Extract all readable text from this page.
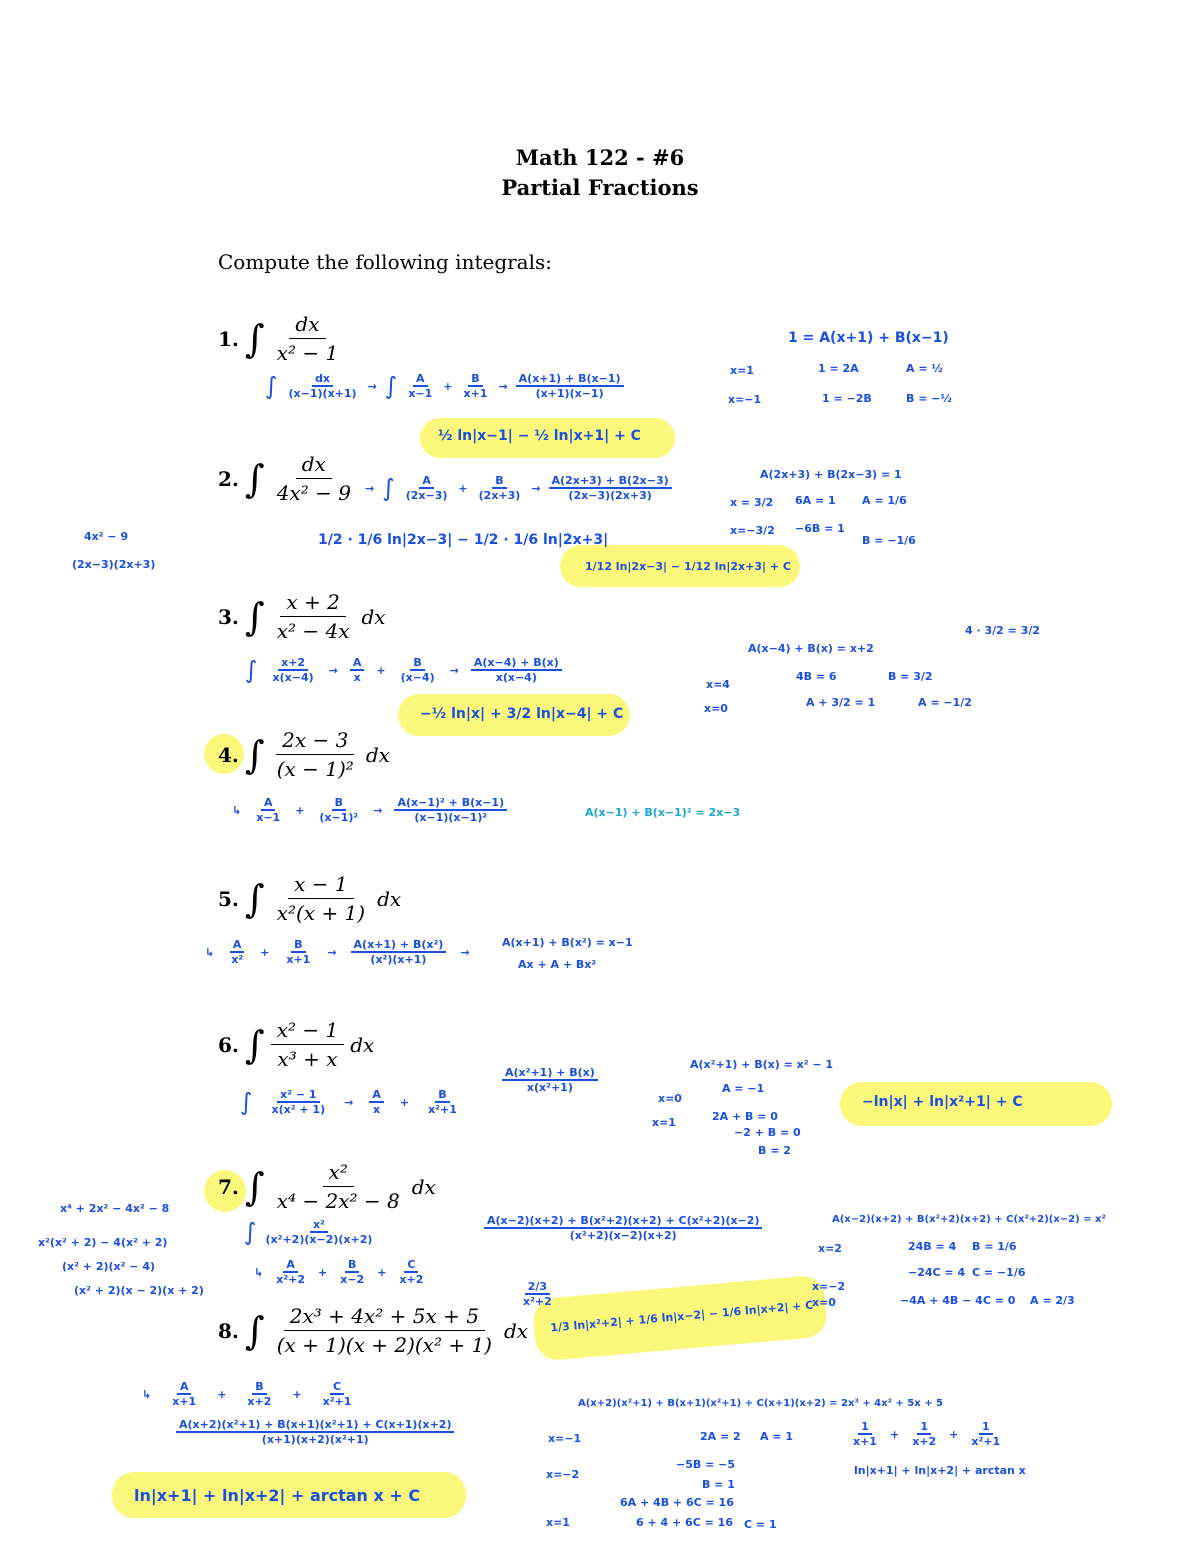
Math 122 - #6
Partial Fractions
Compute the following integrals:
1. ∫ $\frac{dx}{\text{x² − 1}}$
2. ∫ $\frac{dx}{\text{4x² − 9}}$
3. ∫ $\frac{x + 2}{\text{x² − 4x}}$ dx
4. ∫ $\frac{2x - 3}{\text{(x − 1)²}}$ dx
5. ∫ $\frac{x - 1}{\text{x²(x + 1)}}$ dx
6. ∫ $\frac{\text{x² − 1}}{\text{x³ + x}}$ dx
7. ∫ $\frac{\text{x²}}{\text{x⁴ − 2x² − 8}}$ dx
8. ∫ $\frac{\text{2x³ + 4x² + 5x + 5}}{\text{(x + 1)(x + 2)(x² + 1)}}$ dx
1 = A(x+1) + B(x−1)
∫ $\frac{dx}{(x-1)(x+1)}$ → ∫ $\frac{A}{x-1} + \frac{B}{x+1} \to \frac{A(x+1) + B(x-1)}{(x+1)(x-1)}$
x=1
x=−1
1 = 2A
1 = −2B
A = ½
B = −½
½ ln|x−1| − ½ ln|x+1| + C
4x² − 9
(2x−3)(2x+3)
→ ∫ $\frac{A}{(2x-3)} + \frac{B}{(2x+3)} \to \frac{A(2x+3) + B(2x-3)}{(2x-3)(2x+3)}$	A(2x+3) + B(2x−3) = 1
x = 3/2 6A = 1 A = 1/6
x=−3/2 −6B = 1
B = −1/6
1/2 · 1/6 ln|2x−3| − 1/2 · 1/6 ln|2x+3|
1/12 ln|2x−3| − 1/12 ln|2x+3| + C
∫ $\frac{x+2}{x(x-4)} \to \frac{A}{x} + \frac{B}{(x-4)} \to \frac{A(x-4) + B(x)}{x(x-4)}$
A(x−4) + B(x) = x+2
4 · 3/2 = 3/2
x=4
4B = 6	B = 3/2
x=0	A + 3/2 = 1	A = −1/2
−½ ln|x| + 3/2 ln|x−4| + C
↳ $\frac{A}{x-1} + \frac{B}{\text{(x−1)²}} \to \frac{\text{A(x−1)² + B(x−1)}}{\text{(x−1)(x−1)²}}$	A(x−1) + B(x−1)² = 2x−3
↳ $\frac{A}{\text{x²}} + \frac{B}{x+1} \to \frac{\text{A(x+1) + B(x²)}}{\text{(x²)(x+1)}}$ →
A(x+1) + B(x²) = x−1
Ax + A + Bx²
∫ $\frac{\text{x² − 1}}{\text{x(x² + 1)}} \to \frac{A}{x} + \frac{B}{\text{x²+1}}$
$\frac{\text{A(x²+1) + B(x)}}{\text{x(x²+1)}}$
A(x²+1) + B(x) = x² − 1
x=0
A = −1
x=1	2A + B = 0
−2 + B = 0
B = 2
−ln|x| + ln|x²+1| + C
x⁴ + 2x² − 4x² − 8
x²(x² + 2) − 4(x² + 2)
(x² + 2)(x² − 4)
(x² + 2)(x − 2)(x + 2)
∫ $\frac{\text{x²}}{\text{(x²+2)(x−2)(x+2)}}$
↳ $\frac{A}{\text{x²+2}} + \frac{B}{x-2} + \frac{C}{x+2}$
$\frac{\text{A(x−2)(x+2) + B(x²+2)(x+2) + C(x²+2)(x−2)}}{\text{(x²+2)(x−2)(x+2)}}$	A(x−2)(x+2) + B(x²+2)(x+2) + C(x²+2)(x−2) = x²
x=2	24B = 4 B = 1/6
−24C = 4 C = −1/6
x=−2
x=0	−4A + 4B − 4C = 0 A = 2/3
$\frac{2/3}{\text{x²+2}}$
1/3 ln|x²+2| + 1/6 ln|x−2| − 1/6 ln|x+2| + C
↳ $\frac{A}{x+1} + \frac{B}{x+2} + \frac{C}{\text{x²+1}}$
$\frac{\text{A(x+2)(x²+1) + B(x+1)(x²+1) + C(x+1)(x+2)}}{\text{(x+1)(x+2)(x²+1)}}$
A(x+2)(x²+1) + B(x+1)(x²+1) + C(x+1)(x+2) = 2x³ + 4x² + 5x + 5
x=−1	2A = 2 A = 1
x=−2
−5B = −5
B = 1
x=1
6A + 4B + 6C = 16
6 + 4 + 6C = 16 C = 1
$\frac{1}{x+1} + \frac{1}{x+2} + \frac{1}{\text{x²+1}}$
ln|x+1| + ln|x+2| + arctan x
ln|x+1| + ln|x+2| + arctan x + C
